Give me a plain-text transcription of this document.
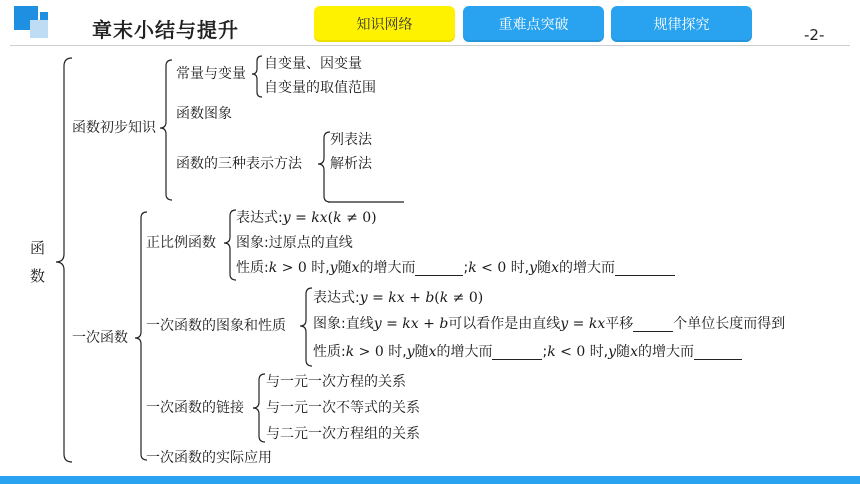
章末小结与提升	知识网络	重难点突破	规律探究
-2-
函
数
函数初步知识
常量与变量
自变量、因变量
自变量的取值范围
函数图象
函数的三种表示方法
列表法
解析法
一次函数
正比例函数
表达式:y = kx(k ≠ 0)
图象:过原点的直线
性质:k > 0 时,y随x的增大而	;k < 0 时,y随x的增大而
一次函数的图象和性质
表达式:y = kx + b(k ≠ 0)
图象:直线y = kx + b可以看作是由直线y = kx平移	个单位长度而得到
性质:k > 0 时,y随x的增大而	;k < 0 时,y随x的增大而
一次函数的链接
与一元一次方程的关系
与一元一次不等式的关系
与二元一次方程组的关系
一次函数的实际应用
